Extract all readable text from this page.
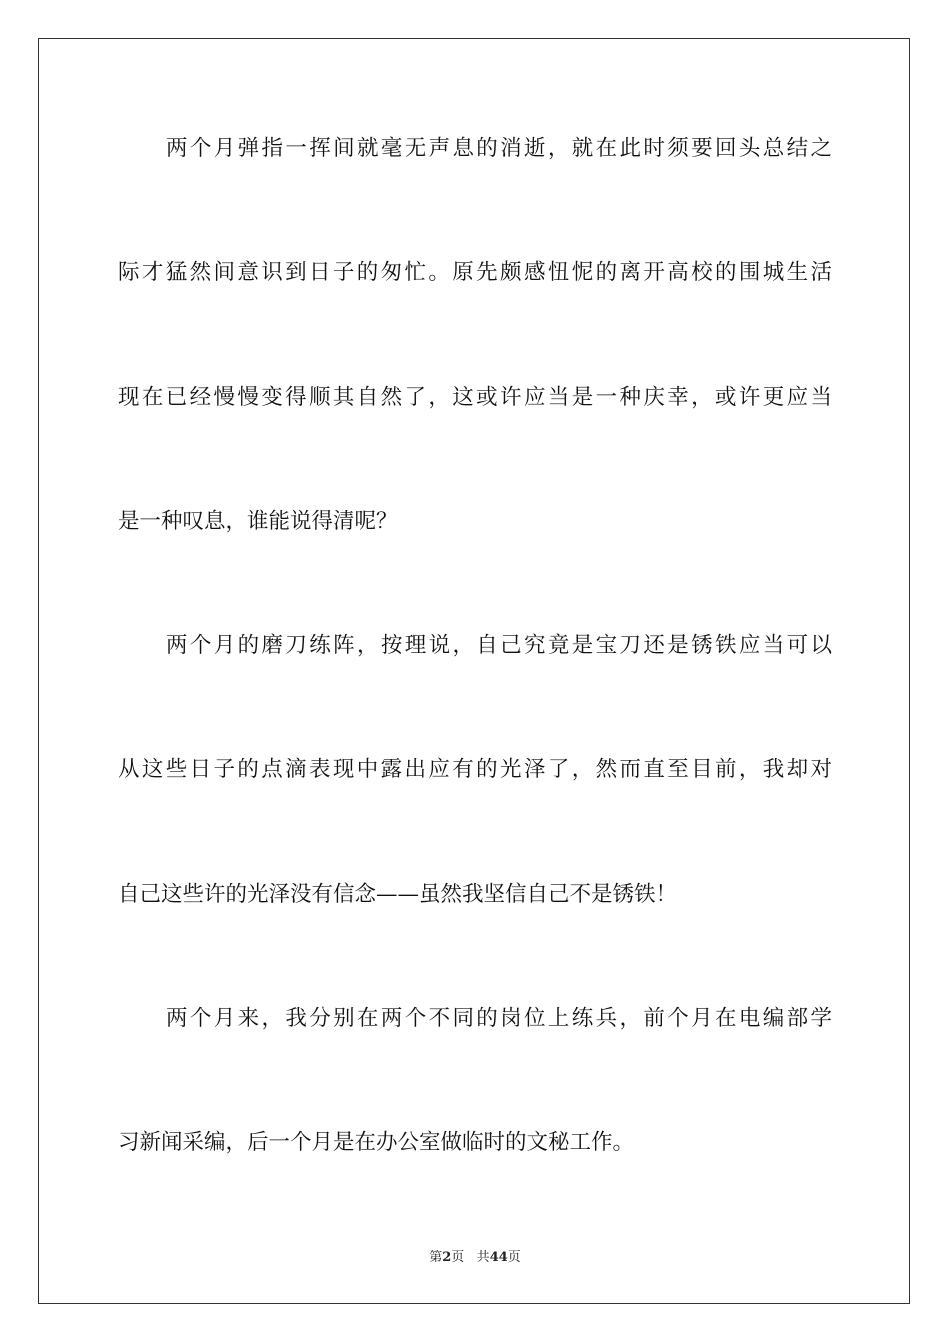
两个月弹指一挥间就毫无声息的消逝，就在此时须要回头总结之

际才猛然间意识到日子的匆忙。原先颇感忸怩的离开高校的围城生活

现在已经慢慢变得顺其自然了，这或许应当是一种庆幸，或许更应当

是一种叹息，谁能说得清呢？

两个月的磨刀练阵，按理说，自己究竟是宝刀还是锈铁应当可以

从这些日子的点滴表现中露出应有的光泽了，然而直至目前，我却对

自己这些许的光泽没有信念——虽然我坚信自己不是锈铁！

两个月来，我分别在两个不同的岗位上练兵，前个月在电编部学

习新闻采编，后一个月是在办公室做临时的文秘工作。

第2页 共44页
